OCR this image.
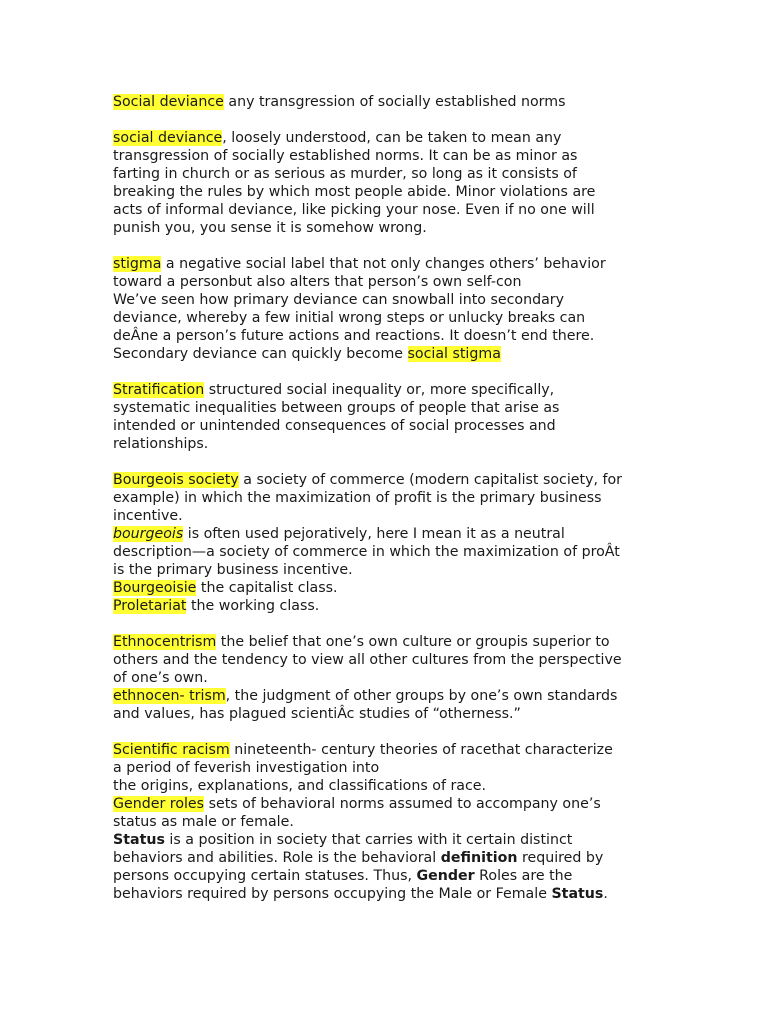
Social deviance any transgression of socially established norms
social deviance, loosely understood, can be taken to mean any
transgression of socially established norms. It can be as minor as
farting in church or as serious as murder, so long as it consists of
breaking the rules by which most people abide. Minor violations are
acts of informal deviance, like picking your nose. Even if no one will
punish you, you sense it is somehow wrong.
stigma a negative social label that not only changes others’ behavior
toward a personbut also alters that person’s own self-con
We’ve seen how primary deviance can snowball into secondary
deviance, whereby a few initial wrong steps or unlucky breaks can
deÂne a person’s future actions and reactions. It doesn’t end there.
Secondary deviance can quickly become social stigma
Stratification structured social inequality or, more specifically,
systematic inequalities between groups of people that arise as
intended or unintended consequences of social processes and
relationships.
Bourgeois society a society of commerce (modern capitalist society, for
example) in which the maximization of profit is the primary business
incentive.
bourgeois is often used pejoratively, here I mean it as a neutral
description—a society of commerce in which the maximization of proÂt
is the primary business incentive.
Bourgeoisie the capitalist class.
Proletariat the working class.
Ethnocentrism the belief that one’s own culture or groupis superior to
others and the tendency to view all other cultures from the perspective
of one’s own.
ethnocen- trism, the judgment of other groups by one’s own standards
and values, has plagued scientiÂc studies of “otherness.”
Scientific racism nineteenth- century theories of racethat characterize
a period of feverish investigation into
the origins, explanations, and classifications of race.
Gender roles sets of behavioral norms assumed to accompany one’s
status as male or female.
Status is a position in society that carries with it certain distinct
behaviors and abilities. Role is the behavioral definition required by
persons occupying certain statuses. Thus, Gender Roles are the
behaviors required by persons occupying the Male or Female Status.
